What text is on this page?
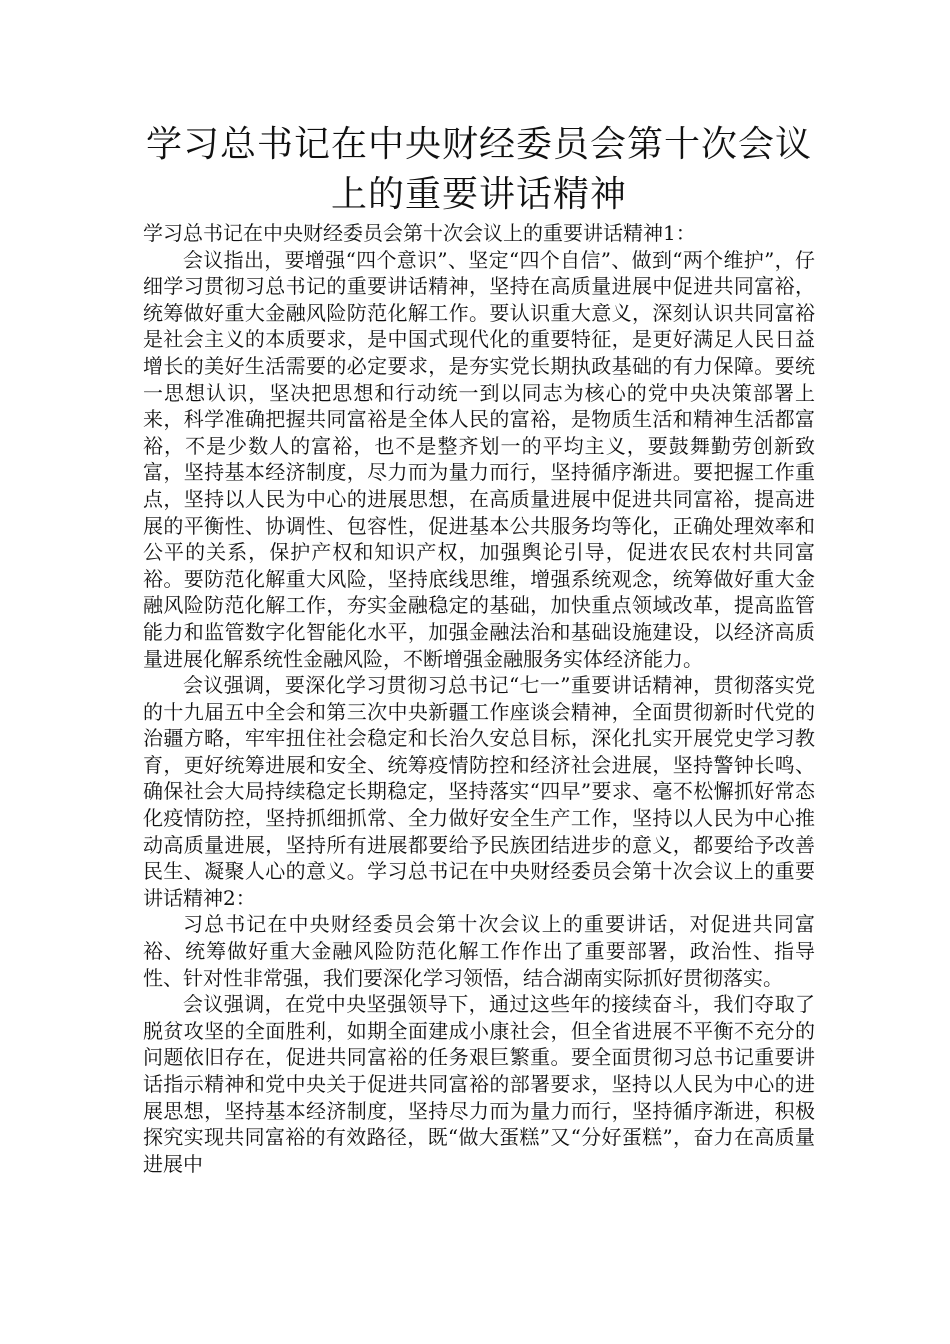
学习总书记在中央财经委员会第十次会议
上的重要讲话精神

学习总书记在中央财经委员会第十次会议上的重要讲话精神1：

会议指出，要增强“四个意识”、坚定“四个自信”、做到“两个维护”，仔细学习贯彻习总书记的重要讲话精神，坚持在高质量进展中促进共同富裕，统筹做好重大金融风险防范化解工作。要认识重大意义，深刻认识共同富裕是社会主义的本质要求，是中国式现代化的重要特征，是更好满足人民日益增长的美好生活需要的必定要求，是夯实党长期执政基础的有力保障。要统一思想认识，坚决把思想和行动统一到以同志为核心的党中央决策部署上来，科学准确把握共同富裕是全体人民的富裕，是物质生活和精神生活都富裕，不是少数人的富裕，也不是整齐划一的平均主义，要鼓舞勤劳创新致富，坚持基本经济制度，尽力而为量力而行，坚持循序渐进。要把握工作重点，坚持以人民为中心的进展思想，在高质量进展中促进共同富裕，提高进展的平衡性、协调性、包容性，促进基本公共服务均等化，正确处理效率和公平的关系，保护产权和知识产权，加强舆论引导，促进农民农村共同富裕。要防范化解重大风险，坚持底线思维，增强系统观念，统筹做好重大金融风险防范化解工作，夯实金融稳定的基础，加快重点领域改革，提高监管能力和监管数字化智能化水平，加强金融法治和基础设施建设，以经济高质量进展化解系统性金融风险，不断增强金融服务实体经济能力。

会议强调，要深化学习贯彻习总书记“七一”重要讲话精神，贯彻落实党的十九届五中全会和第三次中央新疆工作座谈会精神，全面贯彻新时代党的治疆方略，牢牢扭住社会稳定和长治久安总目标，深化扎实开展党史学习教育，更好统筹进展和安全、统筹疫情防控和经济社会进展，坚持警钟长鸣、确保社会大局持续稳定长期稳定，坚持落实“四早”要求、毫不松懈抓好常态化疫情防控，坚持抓细抓常、全力做好安全生产工作，坚持以人民为中心推动高质量进展，坚持所有进展都要给予民族团结进步的意义，都要给予改善民生、凝聚人心的意义。学习总书记在中央财经委员会第十次会议上的重要讲话精神2：

习总书记在中央财经委员会第十次会议上的重要讲话，对促进共同富裕、统筹做好重大金融风险防范化解工作作出了重要部署，政治性、指导性、针对性非常强，我们要深化学习领悟，结合湖南实际抓好贯彻落实。

会议强调，在党中央坚强领导下，通过这些年的接续奋斗，我们夺取了脱贫攻坚的全面胜利，如期全面建成小康社会，但全省进展不平衡不充分的问题依旧存在，促进共同富裕的任务艰巨繁重。要全面贯彻习总书记重要讲话指示精神和党中央关于促进共同富裕的部署要求，坚持以人民为中心的进展思想，坚持基本经济制度，坚持尽力而为量力而行，坚持循序渐进，积极探究实现共同富裕的有效路径，既“做大蛋糕”又“分好蛋糕”，奋力在高质量进展中
